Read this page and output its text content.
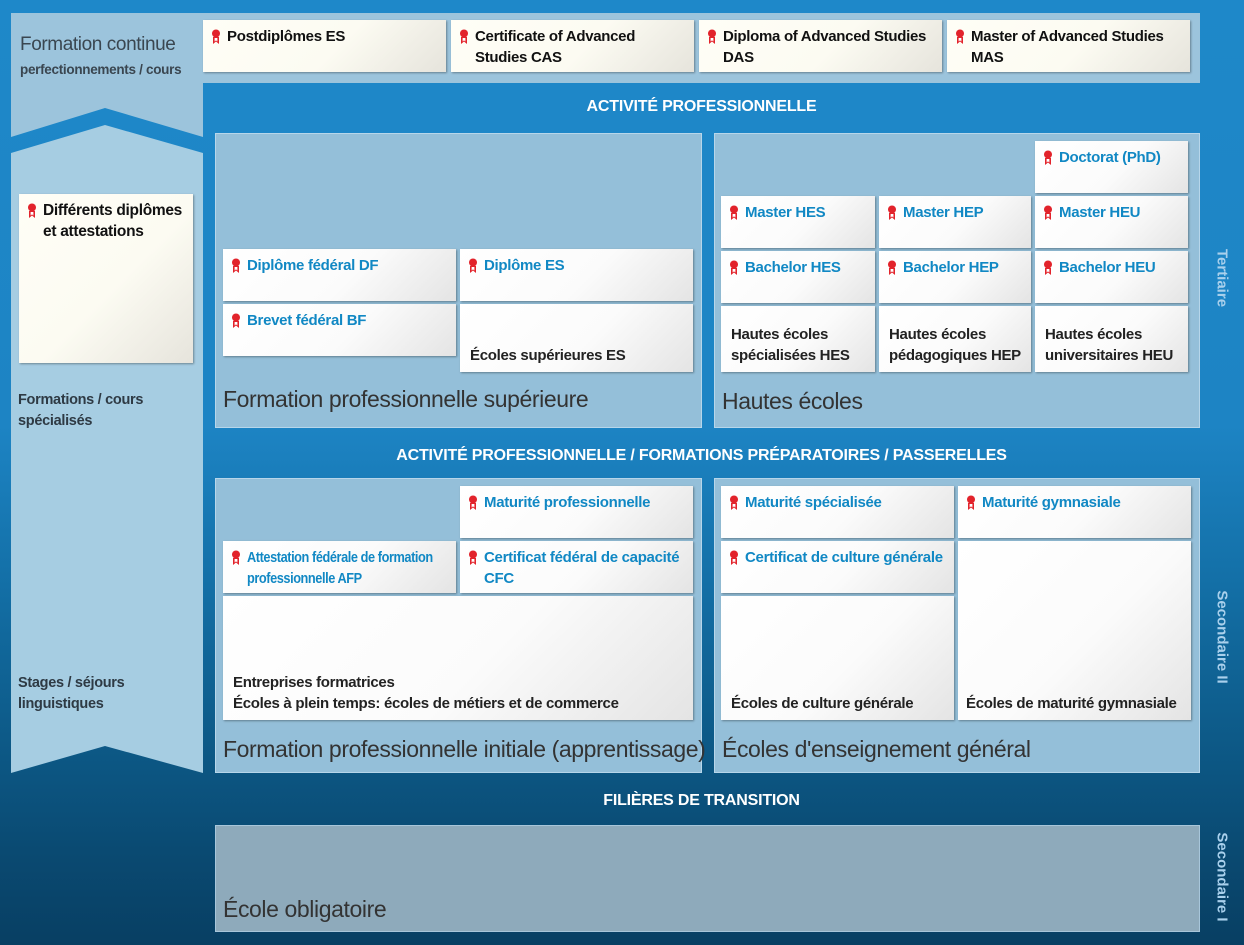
Formation continue
perfectionnements / cours
Postdiplômes ES	Certificate of Advanced Studies CAS
Diploma of Advanced Studies DAS
Master of Advanced Studies MAS
Différents diplômes et attestations
Formations / cours spécialisés
Stages / séjours linguistiques
ACTIVITÉ PROFESSIONNELLE
ACTIVITÉ PROFESSIONNELLE / FORMATIONS PRÉPARATOIRES / PASSERELLES
FILIÈRES DE TRANSITION
Tertiaire
Secondaire II
Secondaire I
Formation professionnelle supérieure
Diplôme fédéral DF	Diplôme ES
Brevet fédéral BF
Écoles supérieures ES
Hautes écoles
Doctorat (PhD)
Master HES	Master HEP	Master HEU
Bachelor HES	Bachelor HEP	Bachelor HEU
Hautes écoles spécialisées HES
Hautes écoles pédagogiques HEP
Hautes écoles universitaires HEU
Formation professionnelle initiale (apprentissage)
Maturité professionnelle
Attestation fédérale de formation professionnelle AFP
Certificat fédéral de capacité CFC
Entreprises formatrices
Écoles à plein temps: écoles de métiers et de commerce
Écoles d'enseignement général
Maturité spécialisée	Maturité gymnasiale
Certificat de culture générale
Écoles de culture générale	Écoles de maturité gymnasiale
École obligatoire
